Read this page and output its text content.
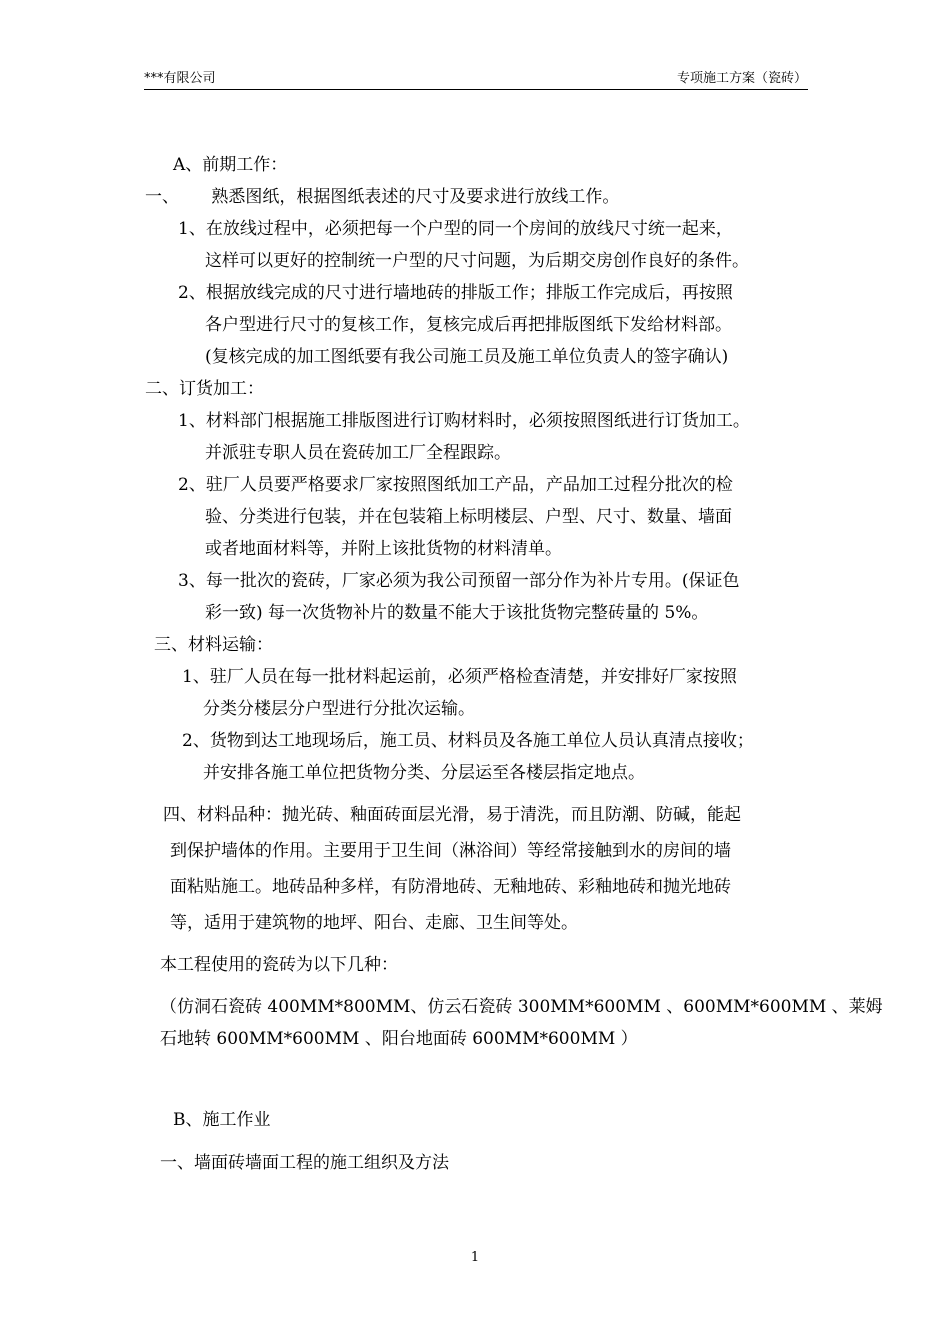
***有限公司	专项施工方案（瓷砖）
A、前期工作：
一、      熟悉图纸，根据图纸表述的尺寸及要求进行放线工作。
1、在放线过程中，必须把每一个户型的同一个房间的放线尺寸统一起来，
这样可以更好的控制统一户型的尺寸问题，为后期交房创作良好的条件。
2、根据放线完成的尺寸进行墙地砖的排版工作；排版工作完成后，再按照
各户型进行尺寸的复核工作，复核完成后再把排版图纸下发给材料部。
(复核完成的加工图纸要有我公司施工员及施工单位负责人的签字确认)
二、订货加工：
1、材料部门根据施工排版图进行订购材料时，必须按照图纸进行订货加工。
并派驻专职人员在瓷砖加工厂全程跟踪。
2、驻厂人员要严格要求厂家按照图纸加工产品，产品加工过程分批次的检
验、分类进行包装，并在包装箱上标明楼层、户型、尺寸、数量、墙面
或者地面材料等，并附上该批货物的材料清单。
3、每一批次的瓷砖，厂家必须为我公司预留一部分作为补片专用。(保证色
彩一致) 每一次货物补片的数量不能大于该批货物完整砖量的 5%。
三、材料运输：
1、驻厂人员在每一批材料起运前，必须严格检查清楚，并安排好厂家按照
分类分楼层分户型进行分批次运输。
2、货物到达工地现场后，施工员、材料员及各施工单位人员认真清点接收；
并安排各施工单位把货物分类、分层运至各楼层指定地点。
四、材料品种：抛光砖、釉面砖面层光滑，易于清洗，而且防潮、防碱，能起
到保护墙体的作用。主要用于卫生间（淋浴间）等经常接触到水的房间的墙
面粘贴施工。地砖品种多样，有防滑地砖、无釉地砖、彩釉地砖和抛光地砖
等，适用于建筑物的地坪、阳台、走廊、卫生间等处。
本工程使用的瓷砖为以下几种：
（仿洞石瓷砖 400MM*800MM、仿云石瓷砖 300MM*600MM 、600MM*600MM 、莱姆
石地转 600MM*600MM 、阳台地面砖 600MM*600MM ）
B、施工作业
一、墙面砖墙面工程的施工组织及方法
1
